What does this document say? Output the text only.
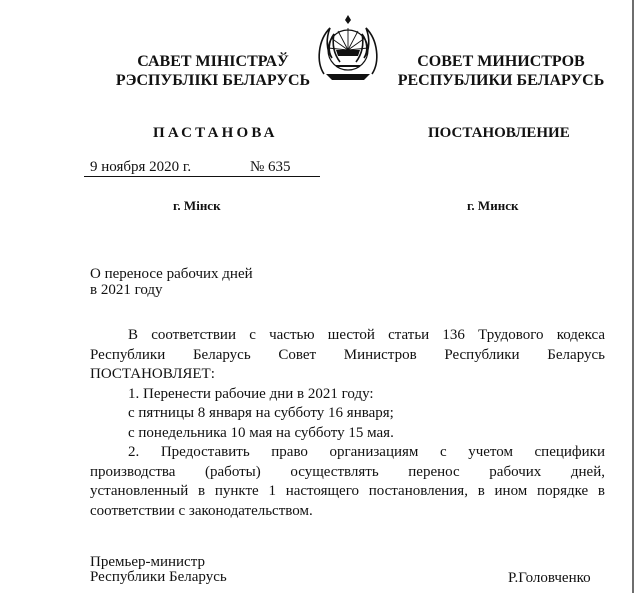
САВЕТ МІНІСТРАЎ
РЭСПУБЛІКІ БЕЛАРУСЬ
СОВЕТ МИНИСТРОВ
РЕСПУБЛИКИ БЕЛАРУСЬ
ПАСТАНОВА	ПОСТАНОВЛЕНИЕ
9 ноября 2020 г.	№ 635
г. Мінск	г. Минск
О переносе рабочих дней
в 2021 году

В соответствии с частью шестой статьи 136 Трудового кодекса

Республики Беларусь Совет Министров Республики Беларусь

ПОСТАНОВЛЯЕТ:

1. Перенести рабочие дни в 2021 году:

с пятницы 8 января на субботу 16 января;

с понедельника 10 мая на субботу 15 мая.

2. Предоставить право организациям с учетом специфики

производства (работы) осуществлять перенос рабочих дней,

установленный в пункте 1 настоящего постановления, в ином порядке в

соответствии с законодательством.

Премьер-министр
Республики Беларусь	Р.Головченко
